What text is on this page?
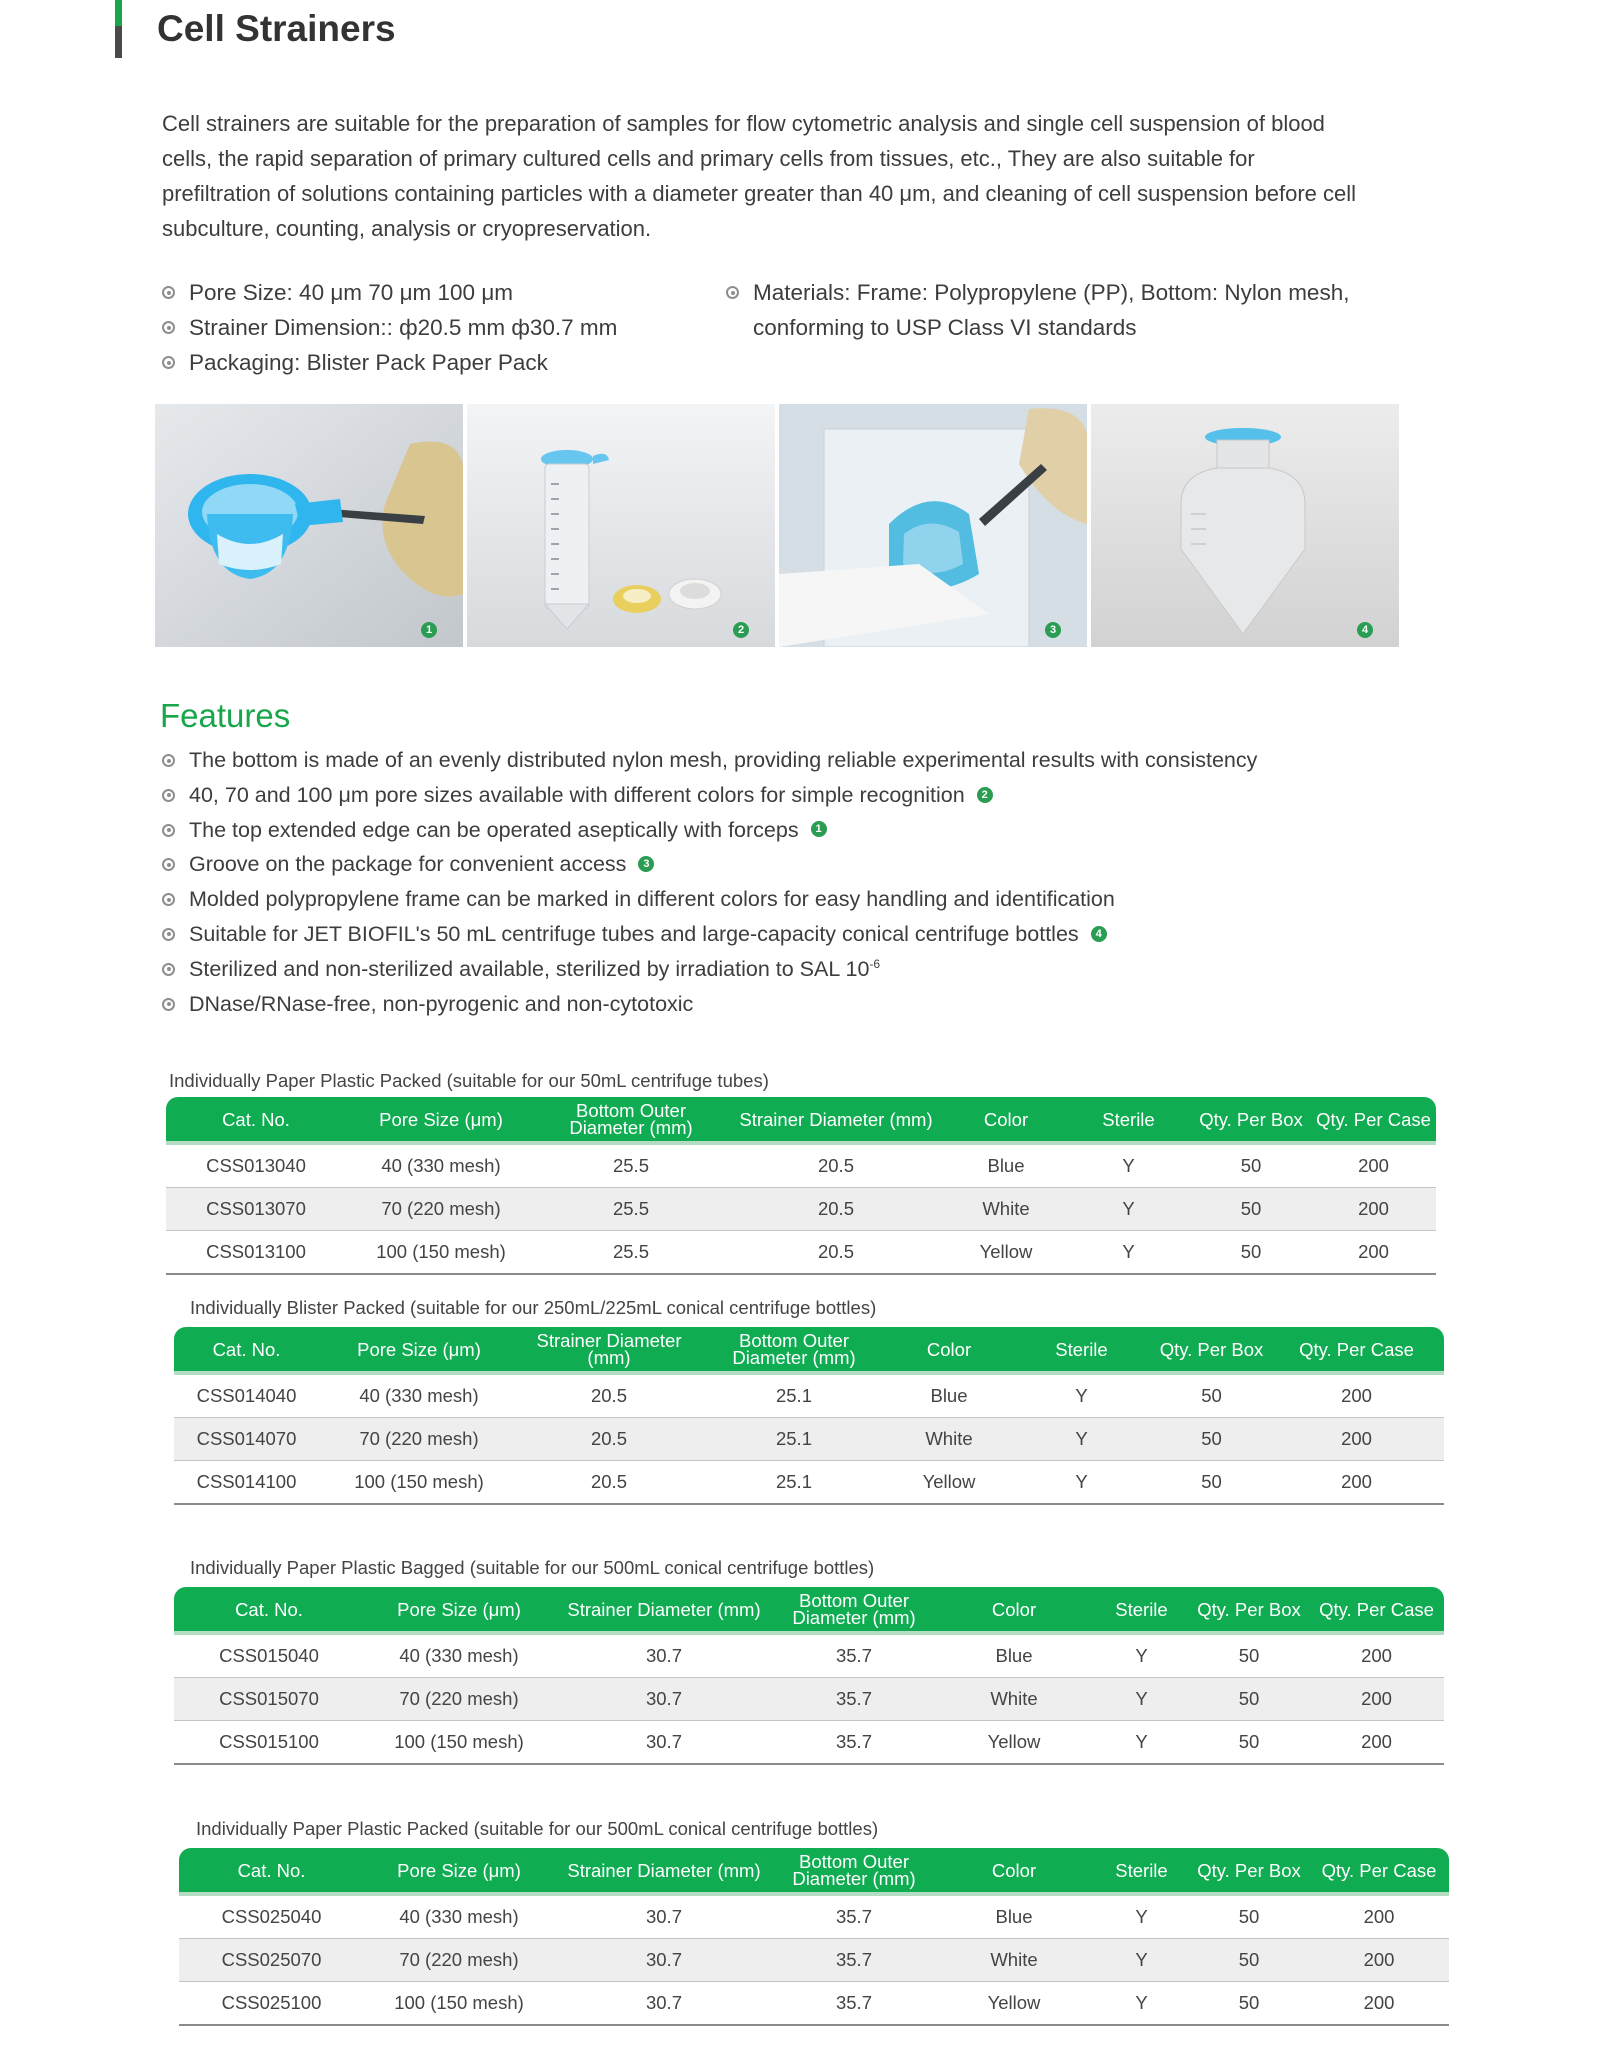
Cell Strainers

Cell strainers are suitable for the preparation of samples for flow cytometric analysis and single cell suspension of blood cells, the rapid separation of primary cultured cells and primary cells from tissues, etc., They are also suitable for prefiltration of solutions containing particles with a diameter greater than 40 μm, and cleaning of cell suspension before cell subculture, counting, analysis or cryopreservation.

Pore Size: 40 μm 70 μm 100 μm
Strainer Dimension:: ф20.5 mm ф30.7 mm
Packaging: Blister Pack Paper Pack
Materials: Frame: Polypropylene (PP), Bottom: Nylon mesh, conforming to USP Class VI standards
1	2	3	4
Features
The bottom is made of an evenly distributed nylon mesh, providing reliable experimental results with consistency
40, 70 and 100 μm pore sizes available with different colors for simple recognition 2
The top extended edge can be operated aseptically with forceps 1
Groove on the package for convenient access 3
Molded polypropylene frame can be marked in different colors for easy handling and identification
Suitable for JET BIOFIL's 50 mL centrifuge tubes and large-capacity conical centrifuge bottles 4
Sterilized and non-sterilized available, sterilized by irradiation to SAL $10^{-6}$
DNase/RNase-free, non-pyrogenic and non-cytotoxic

Individually Paper Plastic Packed (suitable for our 50mL centrifuge tubes)

Cat. No.	Pore Size (μm)	Bottom Outer Diameter (mm)	Strainer Diameter (mm)	Color	Sterile	Qty. Per Box	Qty. Per Case
CSS013040	40 (330 mesh)	25.5	20.5	Blue	Y	50	200
CSS013070	70 (220 mesh)	25.5	20.5	White	Y	50	200
CSS013100	100 (150 mesh)	25.5	20.5	Yellow	Y	50	200

Individually Blister Packed (suitable for our 250mL/225mL conical centrifuge bottles)

Cat. No.	Pore Size (μm)	Strainer Diameter (mm)	Bottom Outer Diameter (mm)	Color	Sterile	Qty. Per Box	Qty. Per Case
CSS014040	40 (330 mesh)	20.5	25.1	Blue	Y	50	200
CSS014070	70 (220 mesh)	20.5	25.1	White	Y	50	200
CSS014100	100 (150 mesh)	20.5	25.1	Yellow	Y	50	200

Individually Paper Plastic Bagged (suitable for our 500mL conical centrifuge bottles)

Cat. No.	Pore Size (μm)	Strainer Diameter (mm)	Bottom Outer Diameter (mm)	Color	Sterile	Qty. Per Box	Qty. Per Case
CSS015040	40 (330 mesh)	30.7	35.7	Blue	Y	50	200
CSS015070	70 (220 mesh)	30.7	35.7	White	Y	50	200
CSS015100	100 (150 mesh)	30.7	35.7	Yellow	Y	50	200

Individually Paper Plastic Packed (suitable for our 500mL conical centrifuge bottles)

Cat. No.	Pore Size (μm)	Strainer Diameter (mm)	Bottom Outer Diameter (mm)	Color	Sterile	Qty. Per Box	Qty. Per Case
CSS025040	40 (330 mesh)	30.7	35.7	Blue	Y	50	200
CSS025070	70 (220 mesh)	30.7	35.7	White	Y	50	200
CSS025100	100 (150 mesh)	30.7	35.7	Yellow	Y	50	200
